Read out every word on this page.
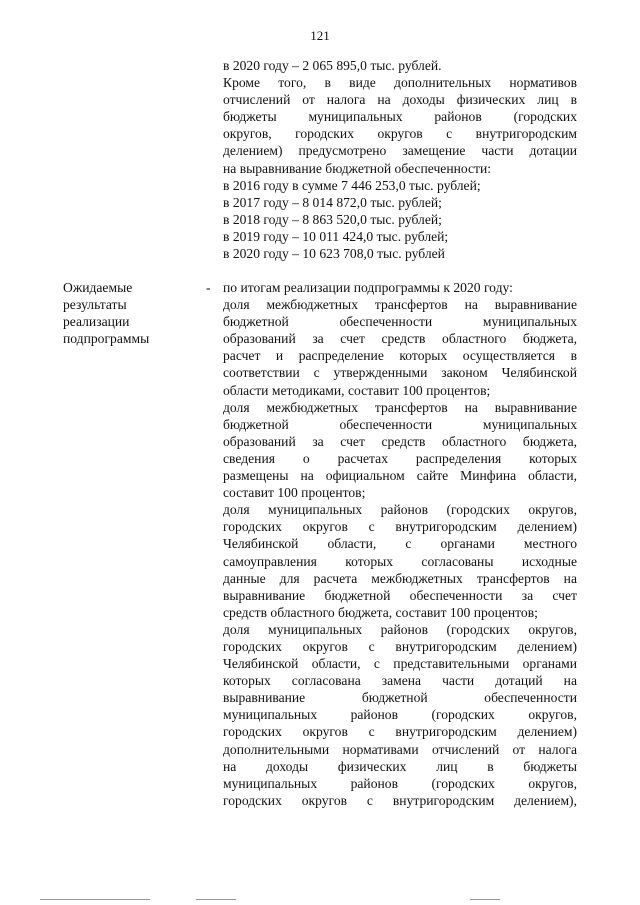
121
в 2020 году – 2 065 895,0 тыс. рублей.
Кроме того, в виде дополнительных нормативов
отчислений от налога на доходы физических лиц в
бюджеты муниципальных районов (городских
округов, городских округов с внутригородским
делением) предусмотрено замещение части дотации
на выравнивание бюджетной обеспеченности:
в 2016 году в сумме 7 446 253,0 тыс. рублей;
в 2017 году – 8 014 872,0 тыс. рублей;
в 2018 году – 8 863 520,0 тыс. рублей;
в 2019 году – 10 011 424,0 тыс. рублей;
в 2020 году – 10 623 708,0 тыс. рублей
Ожидаемые
результаты
реализации
подпрограммы
- по итогам реализации подпрограммы к 2020 году:
доля межбюджетных трансфертов на выравнивание
бюджетной обеспеченности муниципальных
образований за счет средств областного бюджета,
расчет и распределение которых осуществляется в
соответствии с утвержденными законом Челябинской
области методиками, составит 100 процентов;
доля межбюджетных трансфертов на выравнивание
бюджетной обеспеченности муниципальных
образований за счет средств областного бюджета,
сведения о расчетах распределения которых
размещены на официальном сайте Минфина области,
составит 100 процентов;
доля муниципальных районов (городских округов,
городских округов с внутригородским делением)
Челябинской области, с органами местного
самоуправления которых согласованы исходные
данные для расчета межбюджетных трансфертов на
выравнивание бюджетной обеспеченности за счет
средств областного бюджета, составит 100 процентов;
доля муниципальных районов (городских округов,
городских округов с внутригородским делением)
Челябинской области, с представительными органами
которых согласована замена части дотаций на
выравнивание бюджетной обеспеченности
муниципальных районов (городских округов,
городских округов с внутригородским делением)
дополнительными нормативами отчислений от налога
на доходы физических лиц в бюджеты
муниципальных районов (городских округов,
городских округов с внутригородским делением),
